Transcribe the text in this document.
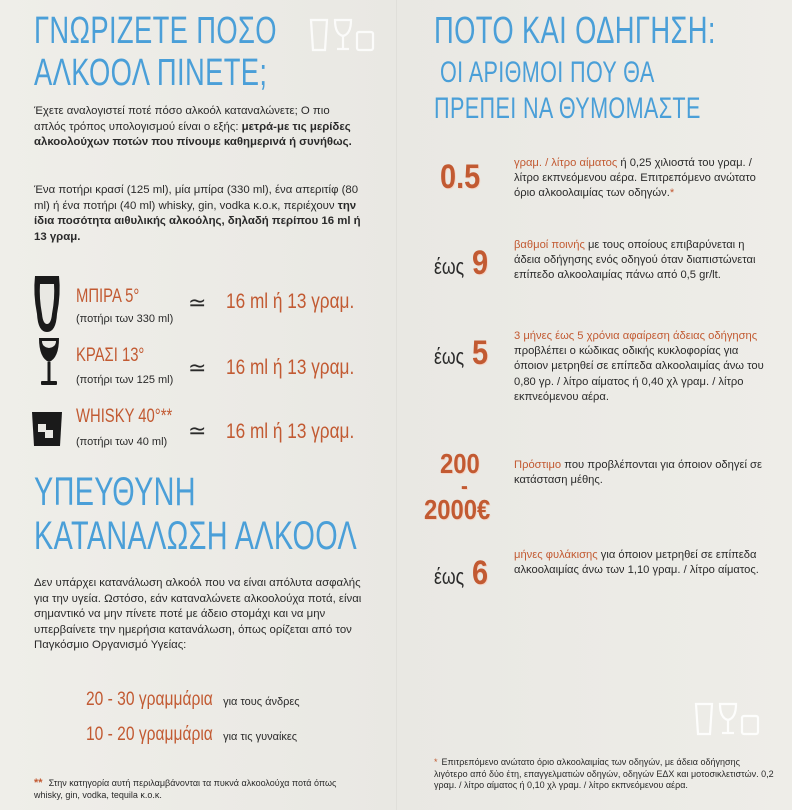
ΓΝΩΡΙΖΕΤΕ ΠΟΣΟ
ΑΛΚΟΟΛ ΠΙΝΕΤΕ;
Έχετε αναλογιστεί ποτέ πόσο αλκοόλ καταναλώνετε; Ο πιο απλός τρόπος υπολογισμού είναι ο εξής: μετρά-με τις μερίδες αλκοολούχων ποτών που πίνουμε καθημερινά ή συνήθως.
Ένα ποτήρι κρασί (125 ml), μία μπίρα (330 ml), ένα απεριτίφ (80 ml) ή ένα ποτήρι (40 ml) whisky, gin, vodka κ.ο.κ, περιέχουν την ίδια ποσότητα αιθυλικής αλκοόλης, δηλαδή περίπου 16 ml ή 13 γραμ.
ΜΠΙΡΑ 5°
(ποτήρι των 330 ml)
≃ 16 ml ή 13 γραμ.
ΚΡΑΣΙ 13°
(ποτήρι των 125 ml) ≃ 16 ml ή 13 γραμ.
WHISKY 40°**
(ποτήρι των 40 ml) ≃ 16 ml ή 13 γραμ.
ΥΠΕΥΘΥΝΗ
ΚΑΤΑΝΑΛΩΣΗ ΑΛΚΟΟΛ
Δεν υπάρχει κατανάλωση αλκοόλ που να είναι απόλυτα ασφαλής για την υγεία. Ωστόσο, εάν καταναλώνετε αλκοολούχα ποτά, είναι σημαντικό να μην πίνετε ποτέ με άδειο στομάχι και να μην υπερβαίνετε την ημερήσια κατανάλωση, όπως ορίζεται από τον Παγκόσμιο Οργανισμό Υγείας:
20 - 30 γραμμάρια για τους άνδρες
10 - 20 γραμμάρια για τις γυναίκες
** Στην κατηγορία αυτή περιλαμβάνονται τα πυκνά αλκοολούχα ποτά όπως whisky, gin, vodka, tequila κ.ο.κ.
ΠΟΤΟ ΚΑΙ ΟΔΗΓΗΣΗ:
ΟΙ ΑΡΙΘΜΟΙ ΠΟΥ ΘΑ
ΠΡΕΠΕΙ ΝΑ ΘΥΜΟΜΑΣΤΕ
0.5	γραμ. / λίτρο αίματος ή 0,25 χιλιοστά του γραμ. / λίτρο εκπνεόμενου αέρα. Επιτρεπόμενο ανώτατο όριο αλκοολαιμίας των οδηγών.*
έως 9 βαθμοί ποινής με τους οποίους επιβαρύνεται η άδεια οδήγησης ενός οδηγού όταν διαπιστώνεται επίπεδο αλκοολαιμίας πάνω από 0,5 gr/lt.
έως 5 3 μήνες έως 5 χρόνια αφαίρεση άδειας οδήγησης προβλέπει ο κώδικας οδικής κυκλοφορίας για όποιον μετρηθεί σε επίπεδα αλκοολαιμίας άνω του 0,80 γρ. / λίτρο αίματος ή 0,40 χλ γραμ. / λίτρο εκπνεόμενου αέρα.
200
-
2000€
Πρόστιμο που προβλέπονται για όποιον οδηγεί σε κατάσταση μέθης.
έως 6 μήνες φυλάκισης για όποιον μετρηθεί σε επίπεδα αλκοολαιμίας άνω των 1,10 γραμ. / λίτρο αίματος.
* Επιτρεπόμενο ανώτατο όριο αλκοολαιμίας των οδηγών, με άδεια οδήγησης λιγότερο από δύο έτη, επαγγελματιών οδηγών, οδηγών ΕΔΧ και μοτοσικλετιστών. 0,2 γραμ. / λίτρο αίματος ή 0,10 χλ γραμ. / λίτρο εκπνεόμενου αέρα.
